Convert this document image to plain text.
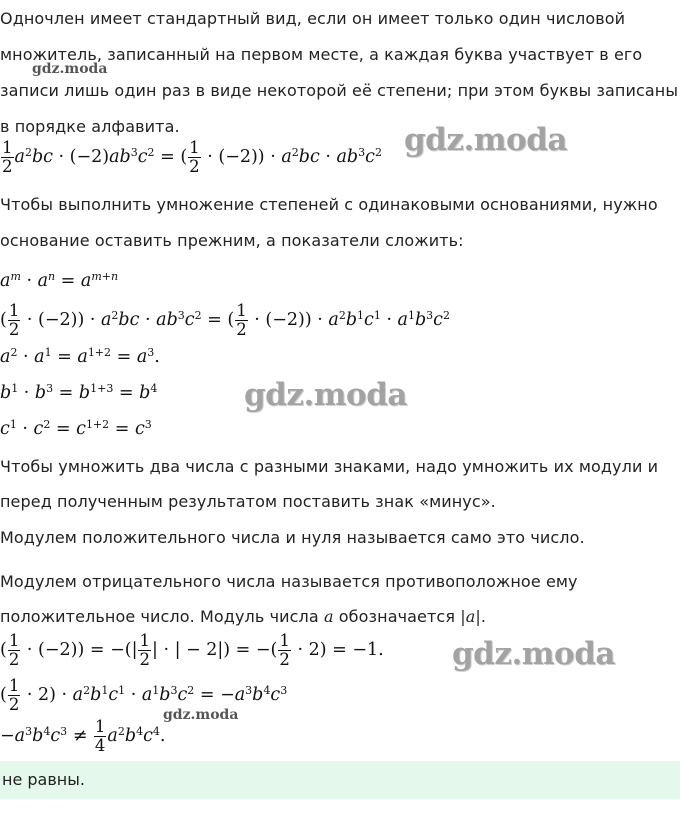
Одночлен имеет стандартный вид, если он имеет только один числовой
множитель, записанный на первом месте, а каждая буква участвует в его
записи лишь один раз в виде некоторой её степени; при этом буквы записаны
в порядке алфавита.
$\frac{1}{2} a^2bc \cdot (-2)ab^3c^2$ = ( $\frac{1}{2} \cdot (-2)) \cdot a^2bc \cdot ab^3c^2$
Чтобы выполнить умножение степеней с одинаковыми основаниями, нужно
основание оставить прежним, а показатели сложить:
$a^m \cdot a^n = a^{m+n}$
( $\frac{1}{2} \cdot (-2)) \cdot a^2bc \cdot ab^3c^2$ = ( $\frac{1}{2} \cdot (-2)) \cdot a^2b^1c^1 \cdot a^1b^3c^2$
$a^2 \cdot a^1 = a^{1+2} = a^3$.
$b^1 \cdot b^3 = b^{1+3} = b^4$
$c^1 \cdot c^2 = c^{1+2} = c^3$
Чтобы умножить два числа с разными знаками, надо умножить их модули и
перед полученным результатом поставить знак «минус».
Модулем положительного числа и нуля называется само это число.
Модулем отрицательного числа называется противоположное ему
положительное число. Модуль числа a обозначается |a|.
( $\frac{1}{2} \cdot (-2)$) = −(| $\frac{1}{2}$ | · | − 2|) = −( $\frac{1}{2} \cdot 2) = -1$.
( $\frac{1}{2} \cdot 2) \cdot a^2b^1c^1 \cdot a^1b^3c^2 = -a^3b^4c^3$
$-a^3b^4c^3 \ne \frac{1}{4} a^2b^4c^4$.
не равны.
gdz.moda
gdz.moda
gdz.moda
gdz.moda
gdz.moda
